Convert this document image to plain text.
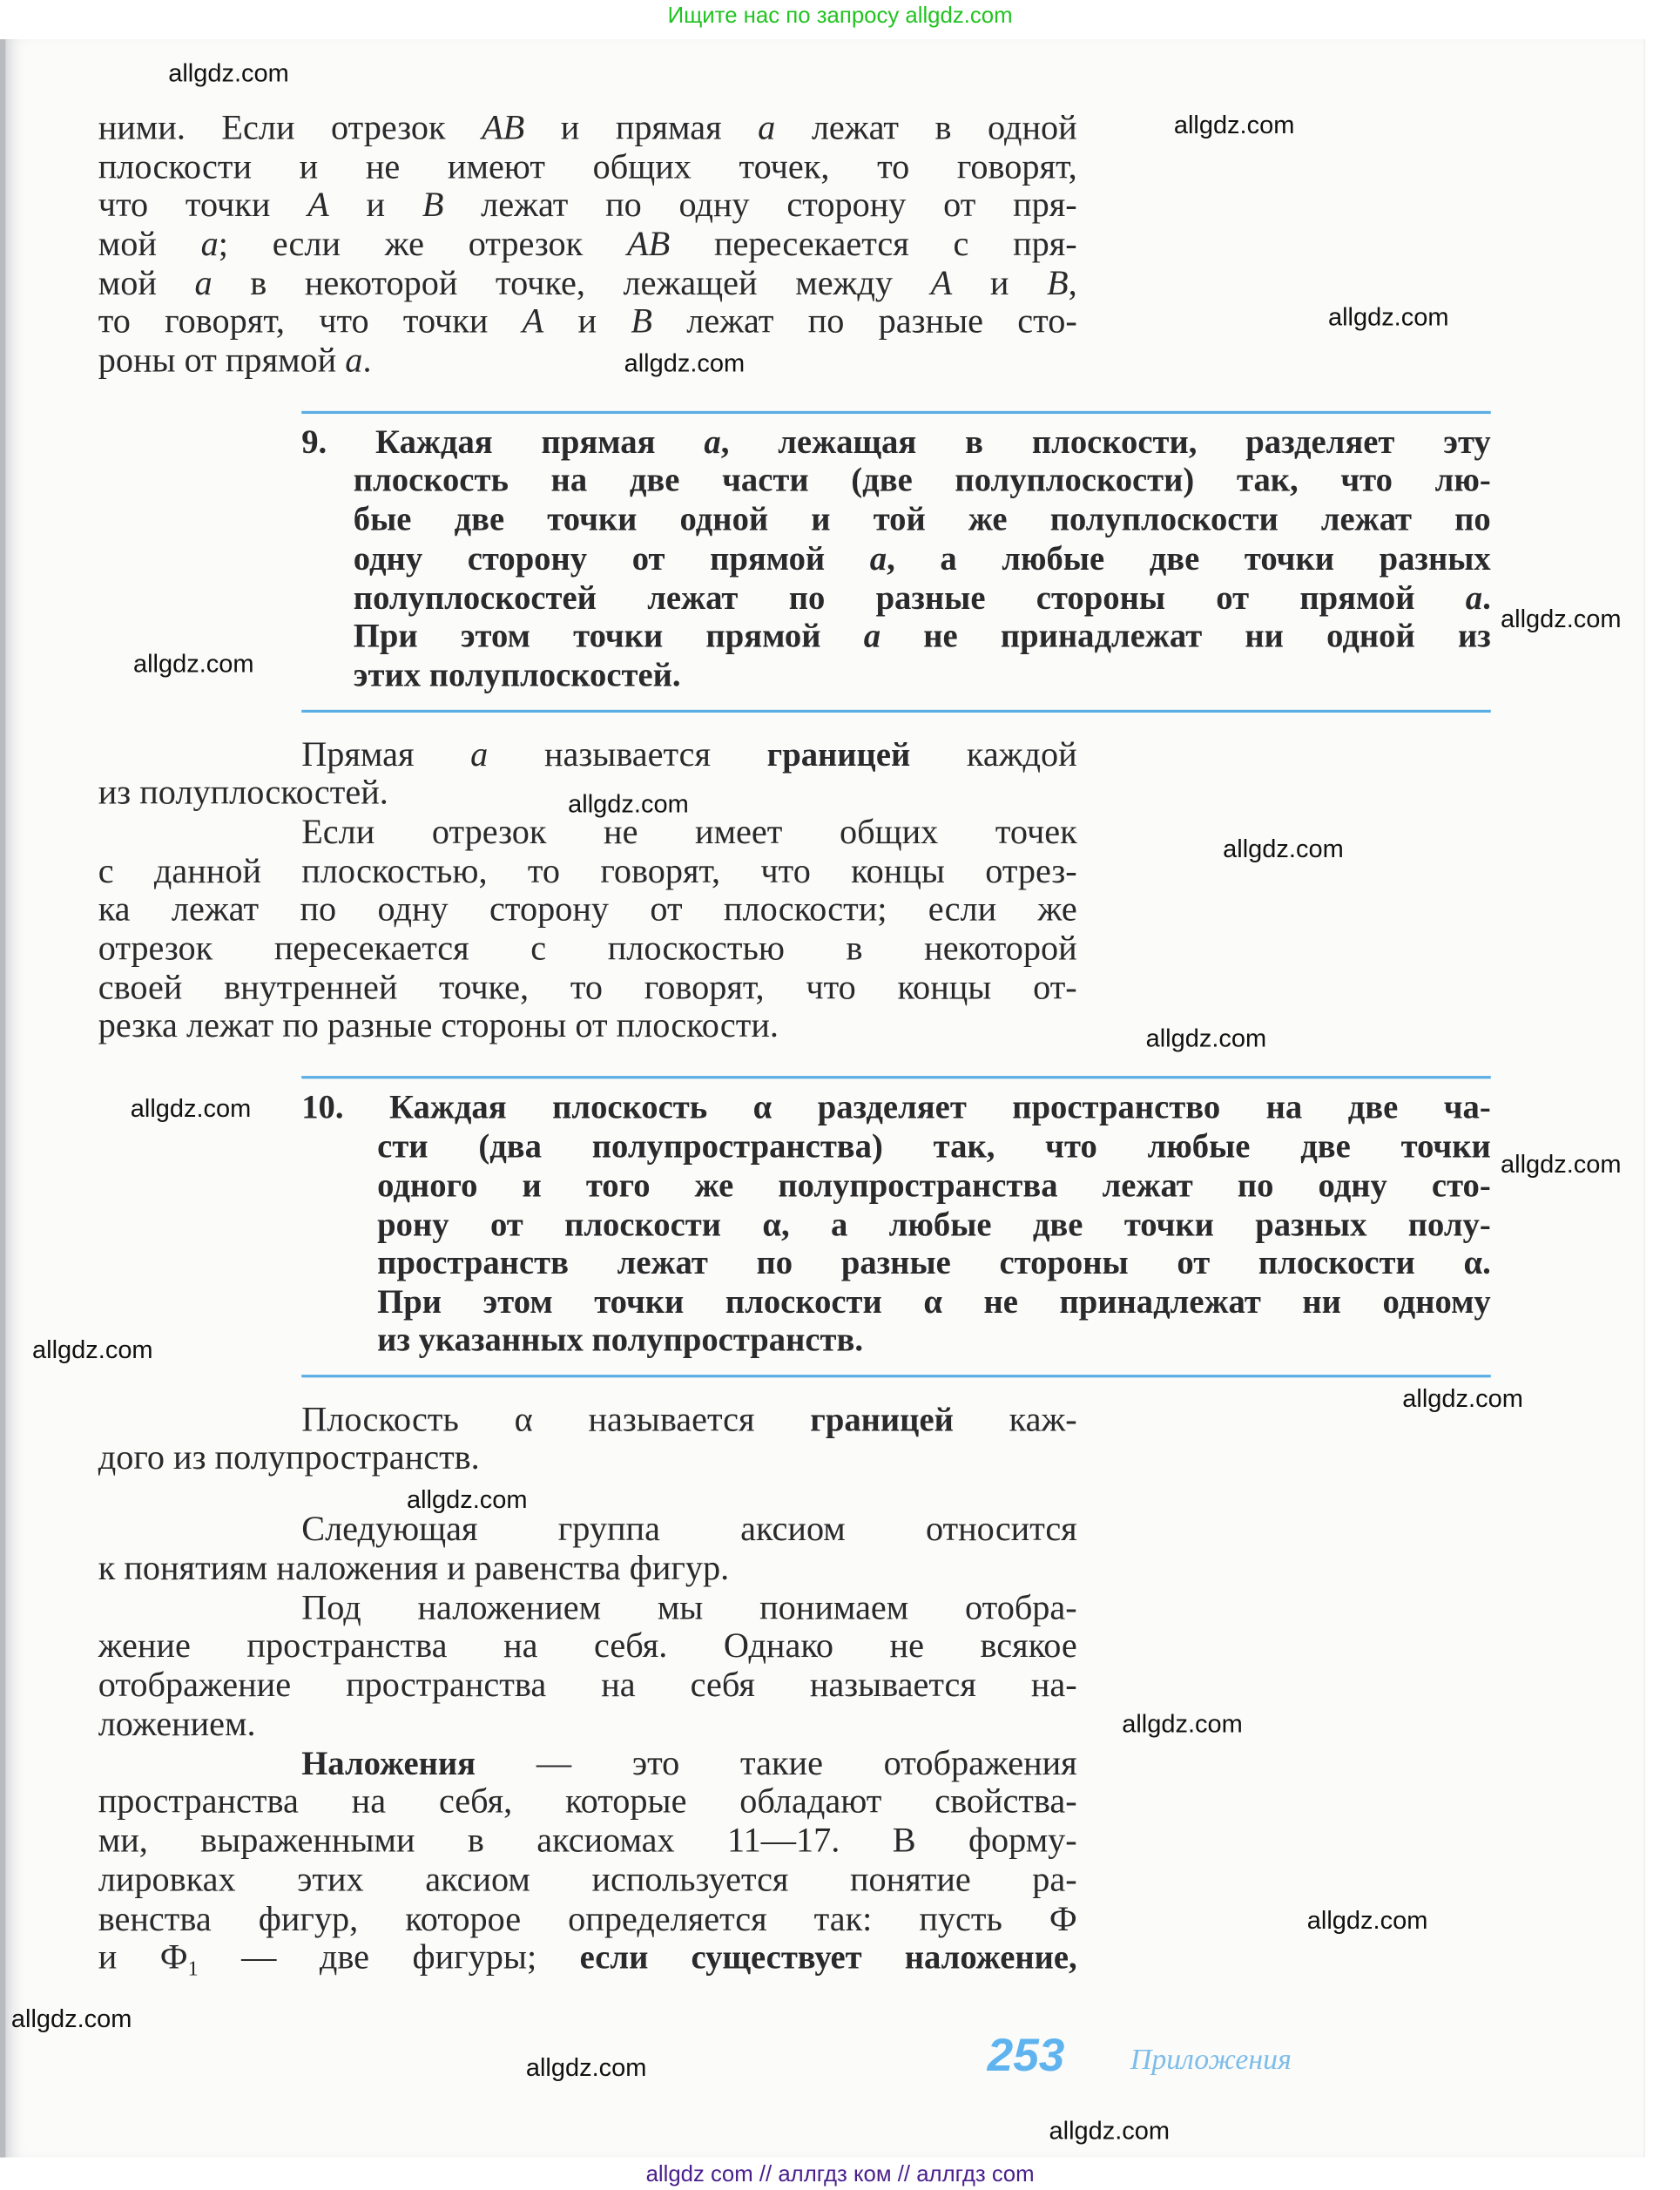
Ищите нас по запросу allgdz.com
ними. Если отрезок AB и прямая a лежат в одной
плоскости и не имеют общих точек, то говорят,
что точки A и B лежат по одну сторону от пря-
мой a; если же отрезок AB пересекается с пря-
мой a в некоторой точке, лежащей между A и B,
то говорят, что точки A и B лежат по разные сто-
роны от прямой a.
9. Каждая прямая a, лежащая в плоскости, разделяет эту
плоскость на две части (две полуплоскости) так, что лю-
бые две точки одной и той же полуплоскости лежат по
одну сторону от прямой a, а любые две точки разных
полуплоскостей лежат по разные стороны от прямой a.
При этом точки прямой a не принадлежат ни одной из
этих полуплоскостей.
Прямая a называется границей каждой
из полуплоскостей.
Если отрезок не имеет общих точек
с данной плоскостью, то говорят, что концы отрез-
ка лежат по одну сторону от плоскости; если же
отрезок пересекается с плоскостью в некоторой
своей внутренней точке, то говорят, что концы от-
резка лежат по разные стороны от плоскости.
10. Каждая плоскость α разделяет пространство на две ча-
сти (два полупространства) так, что любые две точки
одного и того же полупространства лежат по одну сто-
рону от плоскости α, а любые две точки разных полу-
пространств лежат по разные стороны от плоскости α.
При этом точки плоскости α не принадлежат ни одному
из указанных полупространств.
Плоскость α называется границей каж-
дого из полупространств.
Следующая группа аксиом относится
к понятиям наложения и равенства фигур.
Под наложением мы понимаем отобра-
жение пространства на себя. Однако не всякое
отображение пространства на себя называется на-
ложением.
Наложения — это такие отображения
пространства на себя, которые обладают свойства-
ми, выраженными в аксиомах 11—17. В форму-
лировках этих аксиом используется понятие ра-
венства фигур, которое определяется так: пусть Ф
и $Ф_1$ — две фигуры; если существует наложение,
253	Приложения
allgdz.com
allgdz.com
allgdz.com
allgdz.com
allgdz.com
allgdz.com
allgdz.com
allgdz.com
allgdz.com
allgdz.com
allgdz.com
allgdz.com
allgdz.com
allgdz.com
allgdz.com
allgdz.com
allgdz.com
allgdz.com
allgdz.com
allgdz com // аллгдз ком // аллгдз com
